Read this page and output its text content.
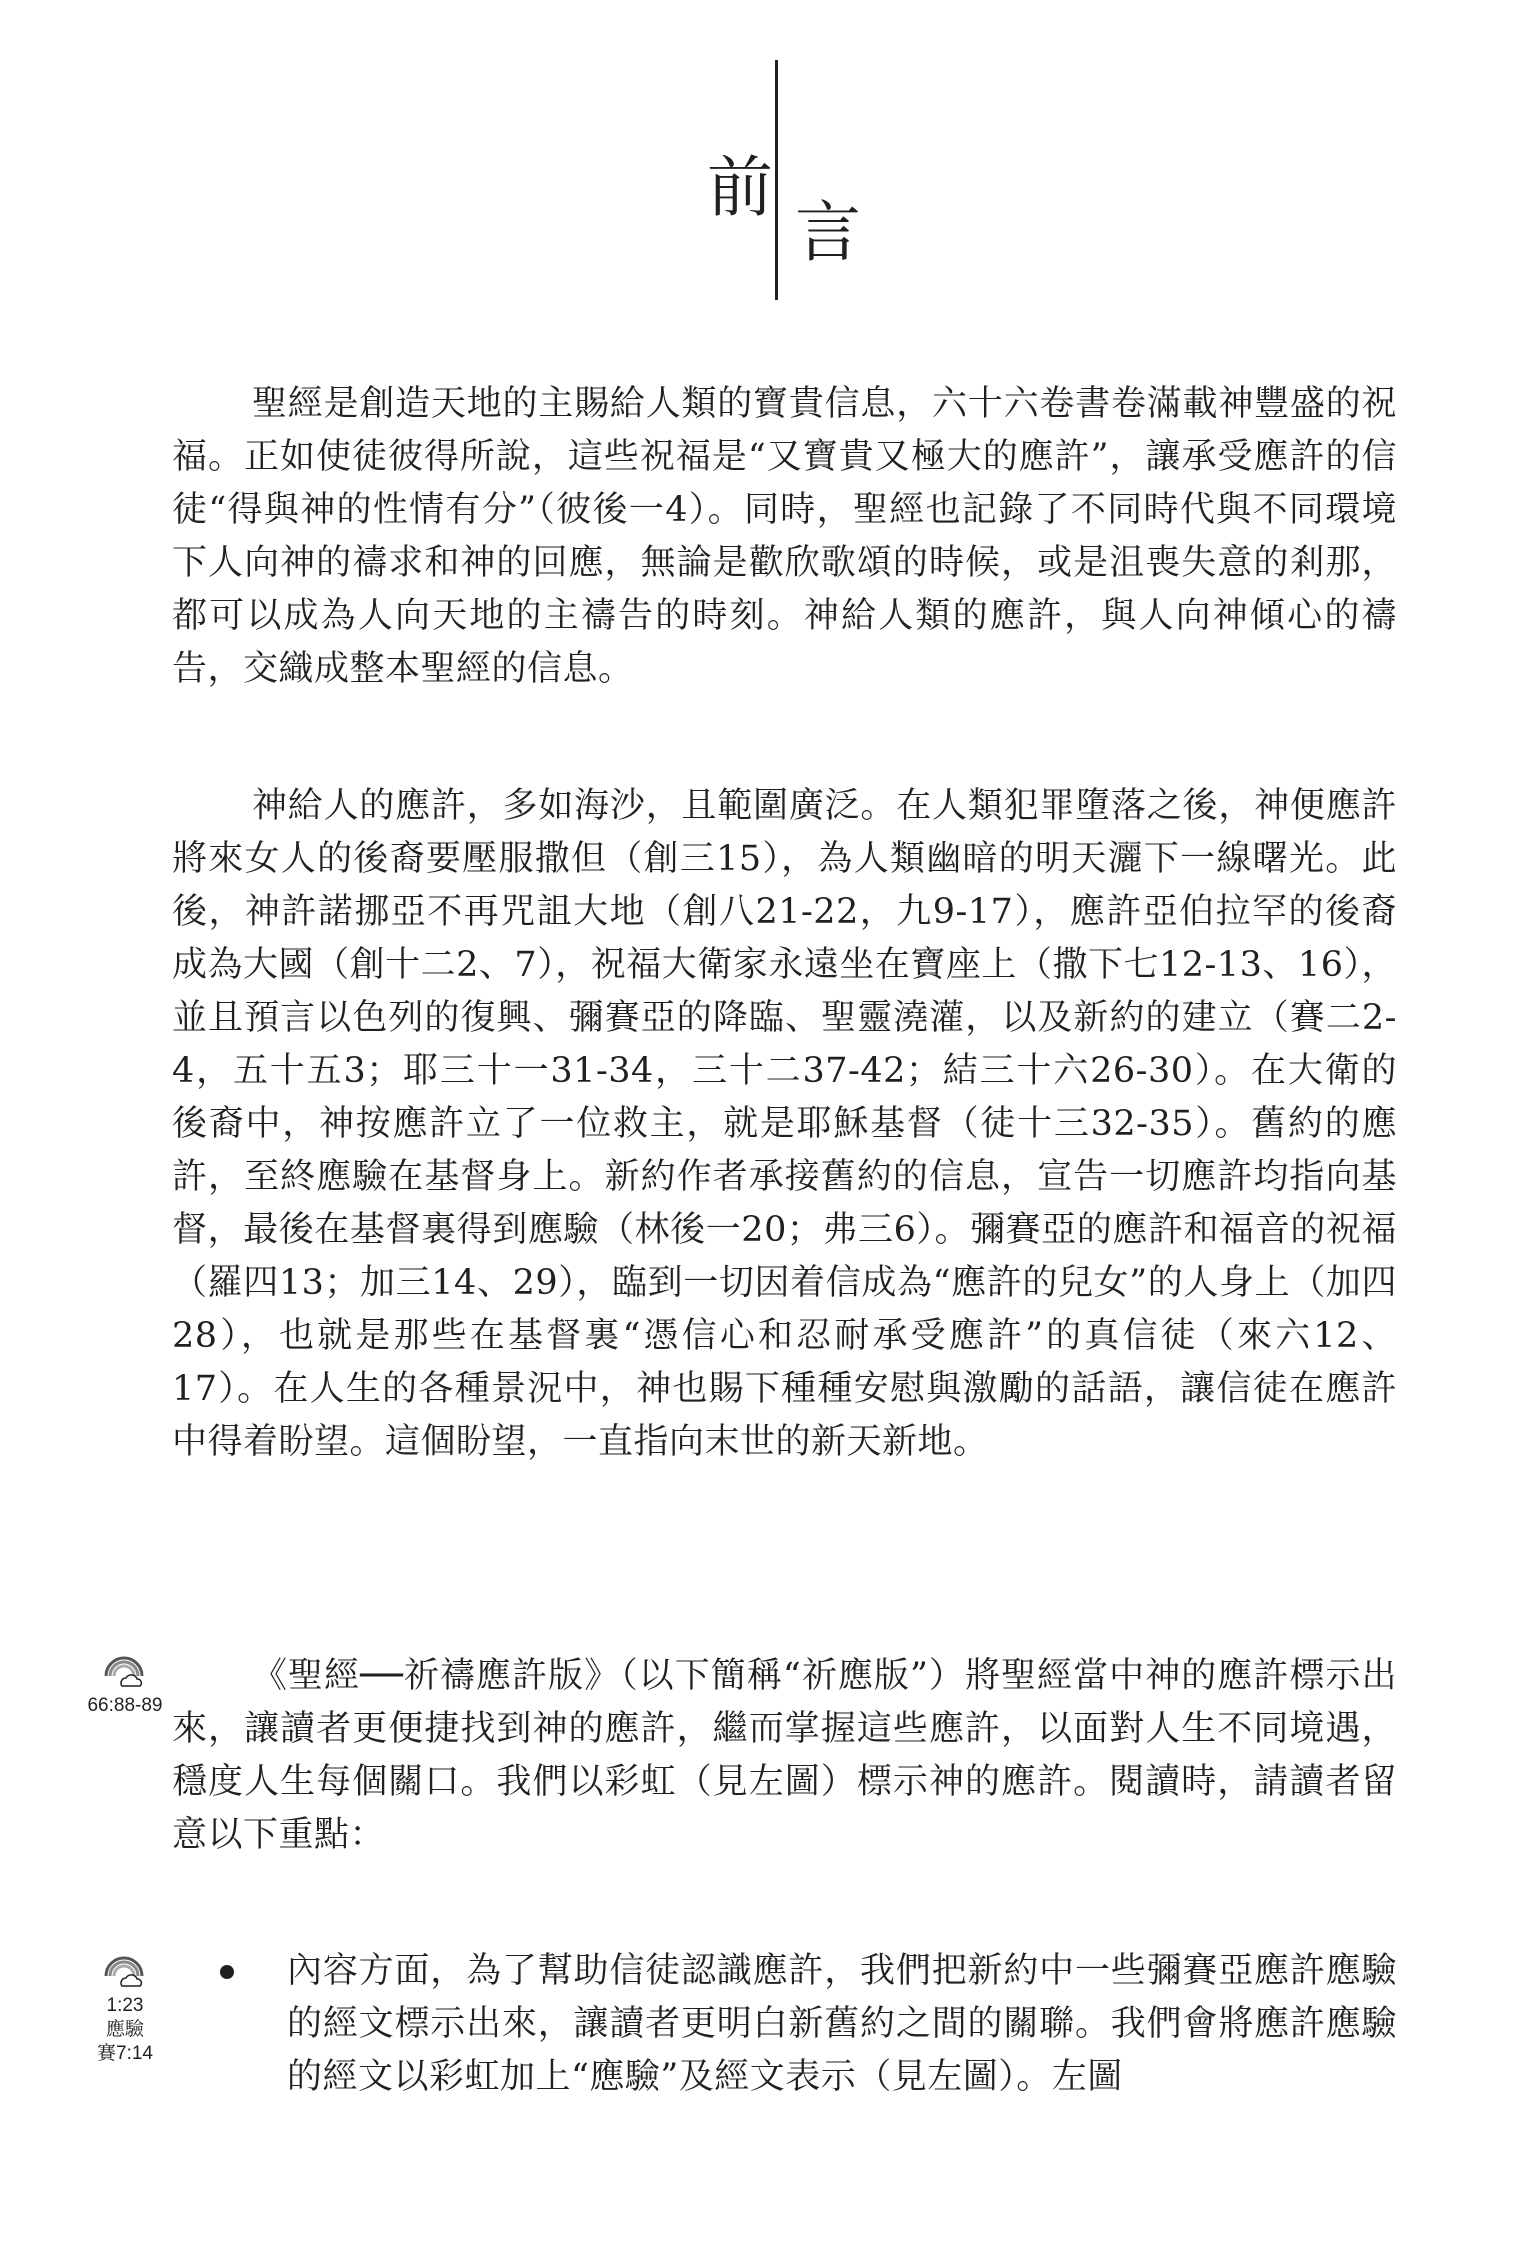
前
言

聖經是創造天地的主賜給人類的寶貴信息，六十六卷書卷滿載神豐盛的祝福。正如使徒彼得所說，這些祝福是“又寶貴又極大的應許”，讓承受應許的信徒“得與神的性情有分”（彼後一4）。同時，聖經也記錄了不同時代與不同環境下人向神的禱求和神的回應，無論是歡欣歌頌的時候，或是沮喪失意的剎那，都可以成為人向天地的主禱告的時刻。神給人類的應許，與人向神傾心的禱告，交織成整本聖經的信息。

神給人的應許，多如海沙，且範圍廣泛。在人類犯罪墮落之後，神便應許將來女人的後裔要壓服撒但（創三15），為人類幽暗的明天灑下一線曙光。此後，神許諾挪亞不再咒詛大地（創八21-22，九9-17），應許亞伯拉罕的後裔成為大國（創十二2、7），祝福大衛家永遠坐在寶座上（撒下七12-13、16），並且預言以色列的復興、彌賽亞的降臨、聖靈澆灌，以及新約的建立（賽二2-4，五十五3；耶三十一31-34，三十二37-42；結三十六26-30）。在大衛的後裔中，神按應許立了一位救主，就是耶穌基督（徒十三32-35）。舊約的應許，至終應驗在基督身上。新約作者承接舊約的信息，宣告一切應許均指向基督，最後在基督裏得到應驗（林後一20；弗三6）。彌賽亞的應許和福音的祝福（羅四13；加三14、29），臨到一切因着信成為“應許的兒女”的人身上（加四28），也就是那些在基督裏“憑信心和忍耐承受應許”的真信徒（來六12、17）。在人生的各種景況中，神也賜下種種安慰與激勵的話語，讓信徒在應許中得着盼望。這個盼望，一直指向末世的新天新地。

《聖經──祈禱應許版》（以下簡稱“祈應版”）將聖經當中神的應許標示出來，讓讀者更便捷找到神的應許，繼而掌握這些應許，以面對人生不同境遇，穩度人生每個關口。我們以彩虹（見左圖）標示神的應許。閱讀時，請讀者留意以下重點：

66:88-89
1:23
應驗
賽7:14

內容方面，為了幫助信徒認識應許，我們把新約中一些彌賽亞應許應驗的經文標示出來，讓讀者更明白新舊約之間的關聯。我們會將應許應驗的經文以彩虹加上“應驗”及經文表示（見左圖）。左圖
